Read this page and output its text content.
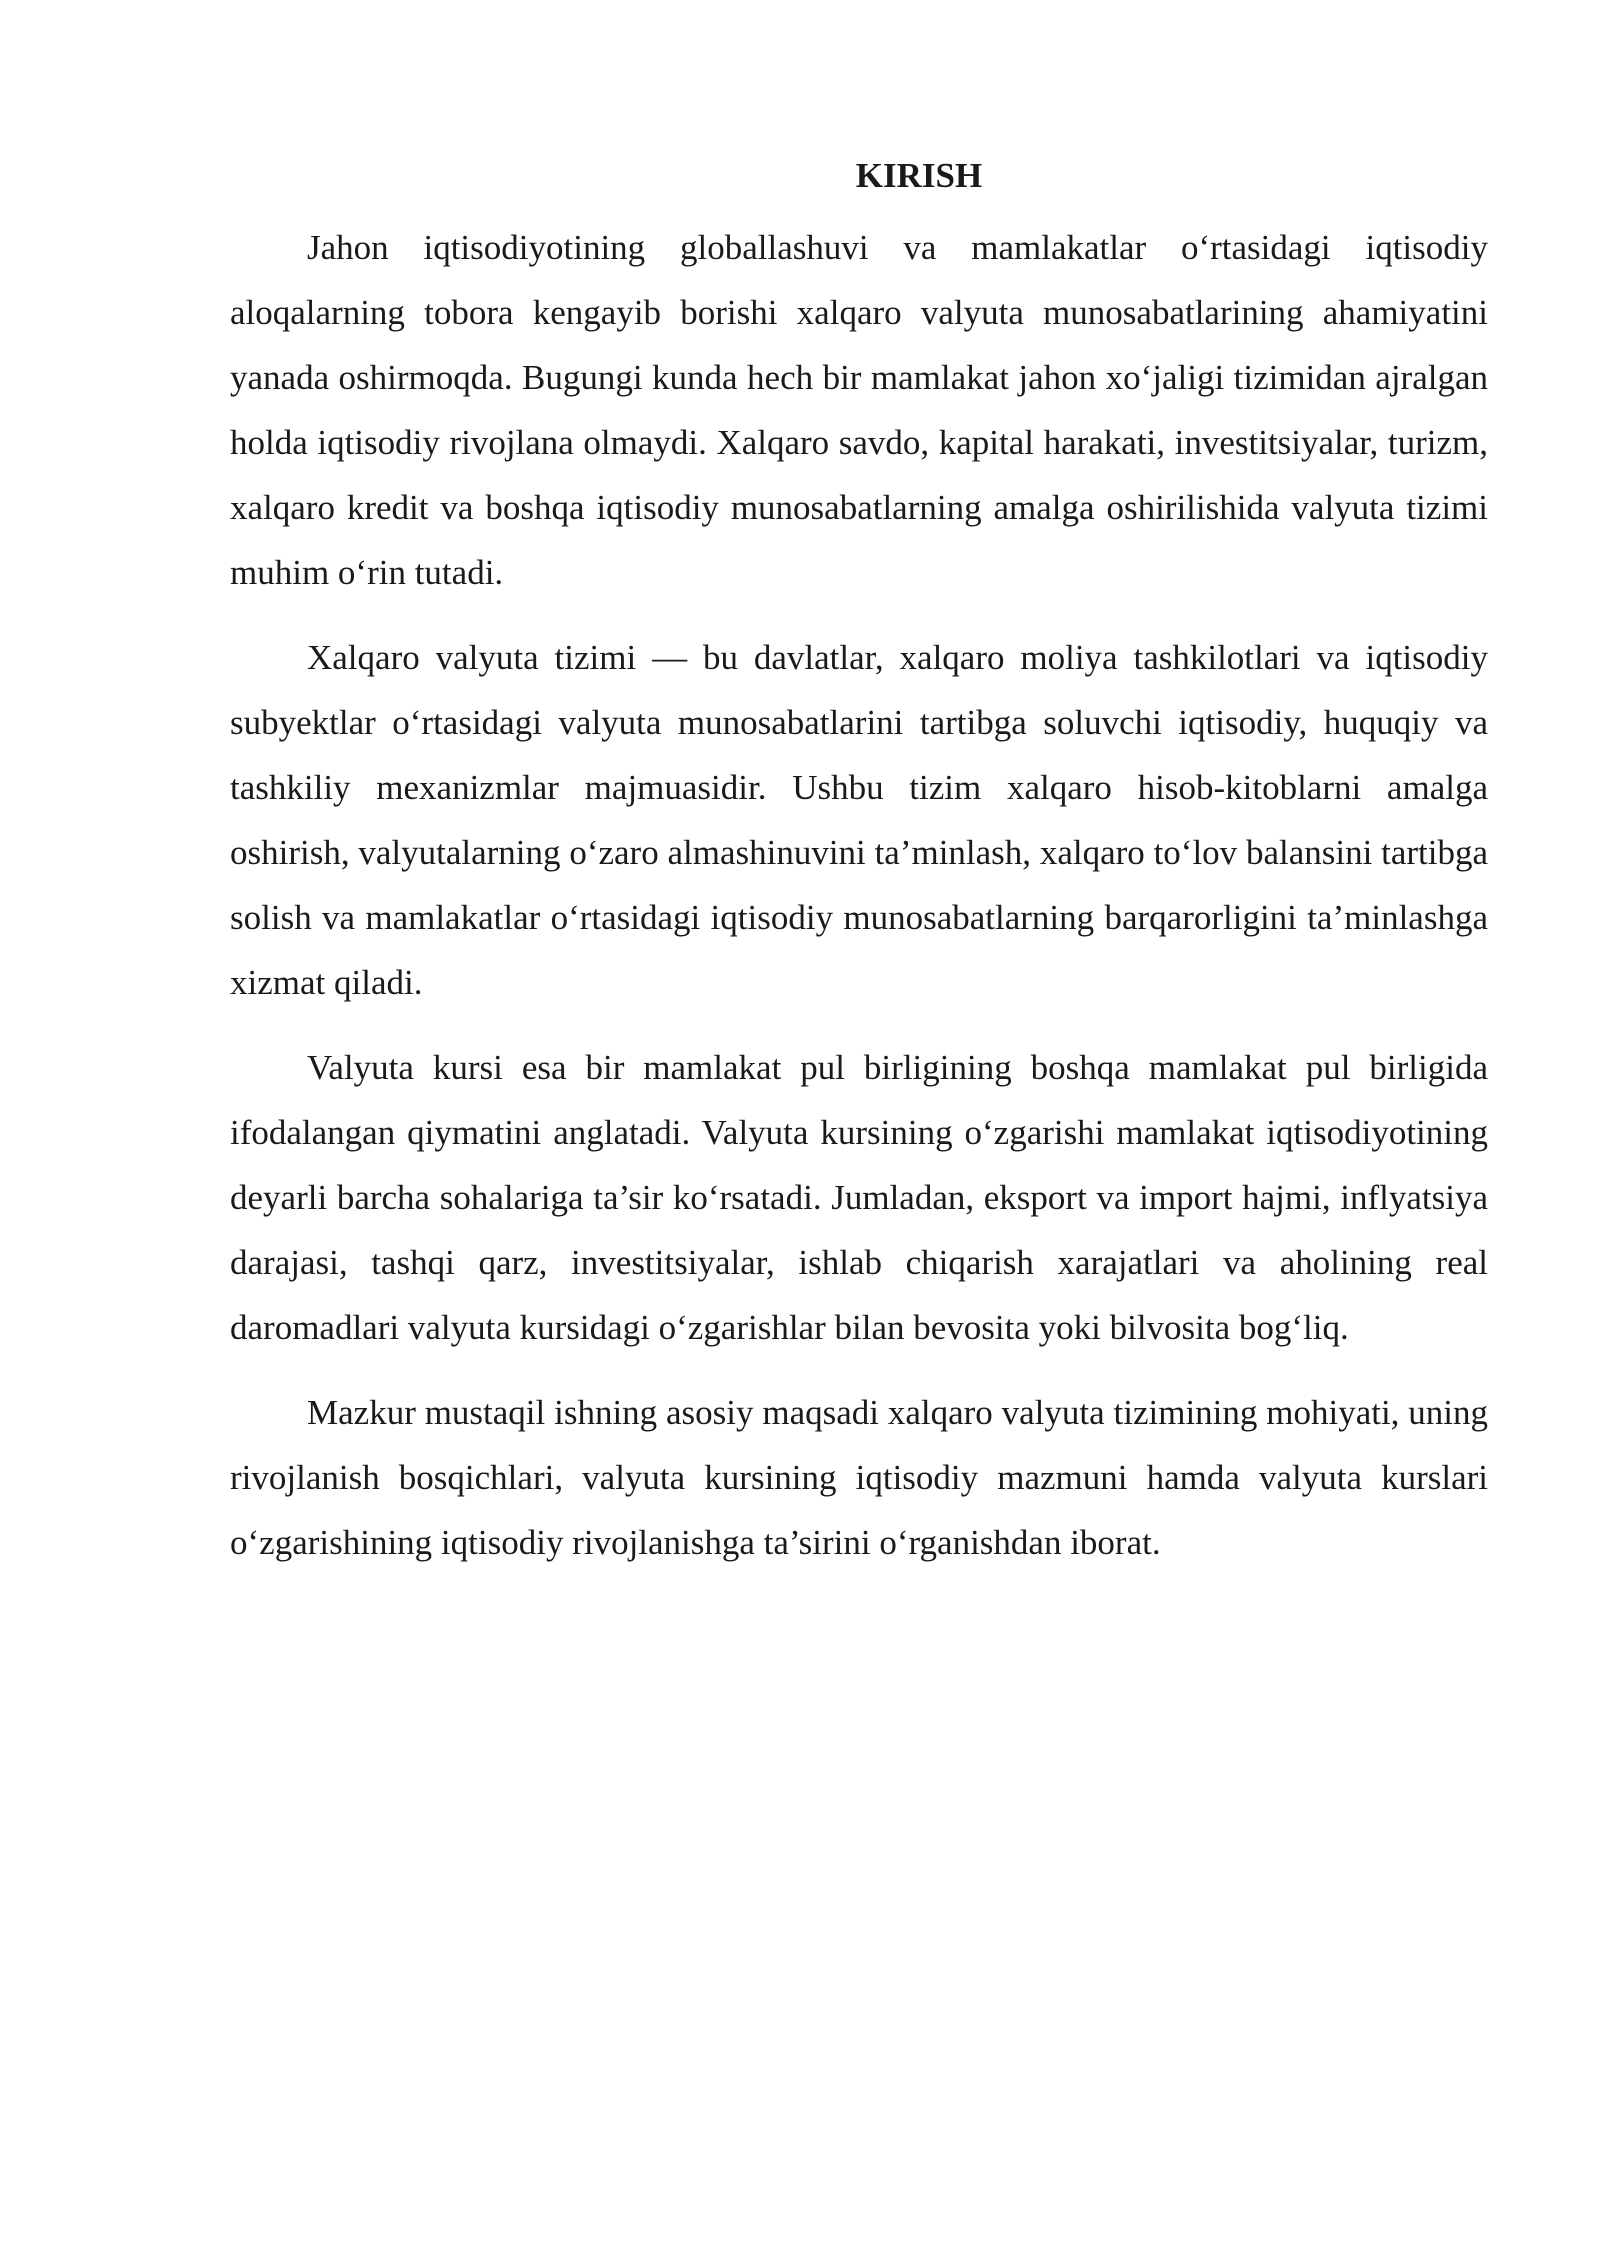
KIRISH

Jahon iqtisodiyotining globallashuvi va mamlakatlar o‘rtasidagi iqtisodiy aloqalarning tobora kengayib borishi xalqaro valyuta munosabatlarining ahamiyatini yanada oshirmoqda. Bugungi kunda hech bir mamlakat jahon xo‘jaligi tizimidan ajralgan holda iqtisodiy rivojlana olmaydi. Xalqaro savdo, kapital harakati, investitsiyalar, turizm, xalqaro kredit va boshqa iqtisodiy munosabatlarning amalga oshirilishida valyuta tizimi muhim o‘rin tutadi.

Xalqaro valyuta tizimi — bu davlatlar, xalqaro moliya tashkilotlari va iqtisodiy subyektlar o‘rtasidagi valyuta munosabatlarini tartibga soluvchi iqtisodiy, huquqiy va tashkiliy mexanizmlar majmuasidir. Ushbu tizim xalqaro hisob-kitoblarni amalga oshirish, valyutalarning o‘zaro almashinuvini ta’minlash, xalqaro to‘lov balansini tartibga solish va mamlakatlar o‘rtasidagi iqtisodiy munosabatlarning barqarorligini ta’minlashga xizmat qiladi.

Valyuta kursi esa bir mamlakat pul birligining boshqa mamlakat pul birligida ifodalangan qiymatini anglatadi. Valyuta kursining o‘zgarishi mamlakat iqtisodiyotining deyarli barcha sohalariga ta’sir ko‘rsatadi. Jumladan, eksport va import hajmi, inflyatsiya darajasi, tashqi qarz, investitsiyalar, ishlab chiqarish xarajatlari va aholining real daromadlari valyuta kursidagi o‘zgarishlar bilan bevosita yoki bilvosita bog‘liq.

Mazkur mustaqil ishning asosiy maqsadi xalqaro valyuta tizimining mohiyati, uning rivojlanish bosqichlari, valyuta kursining iqtisodiy mazmuni hamda valyuta kurslari o‘zgarishining iqtisodiy rivojlanishga ta’sirini o‘rganishdan iborat.
